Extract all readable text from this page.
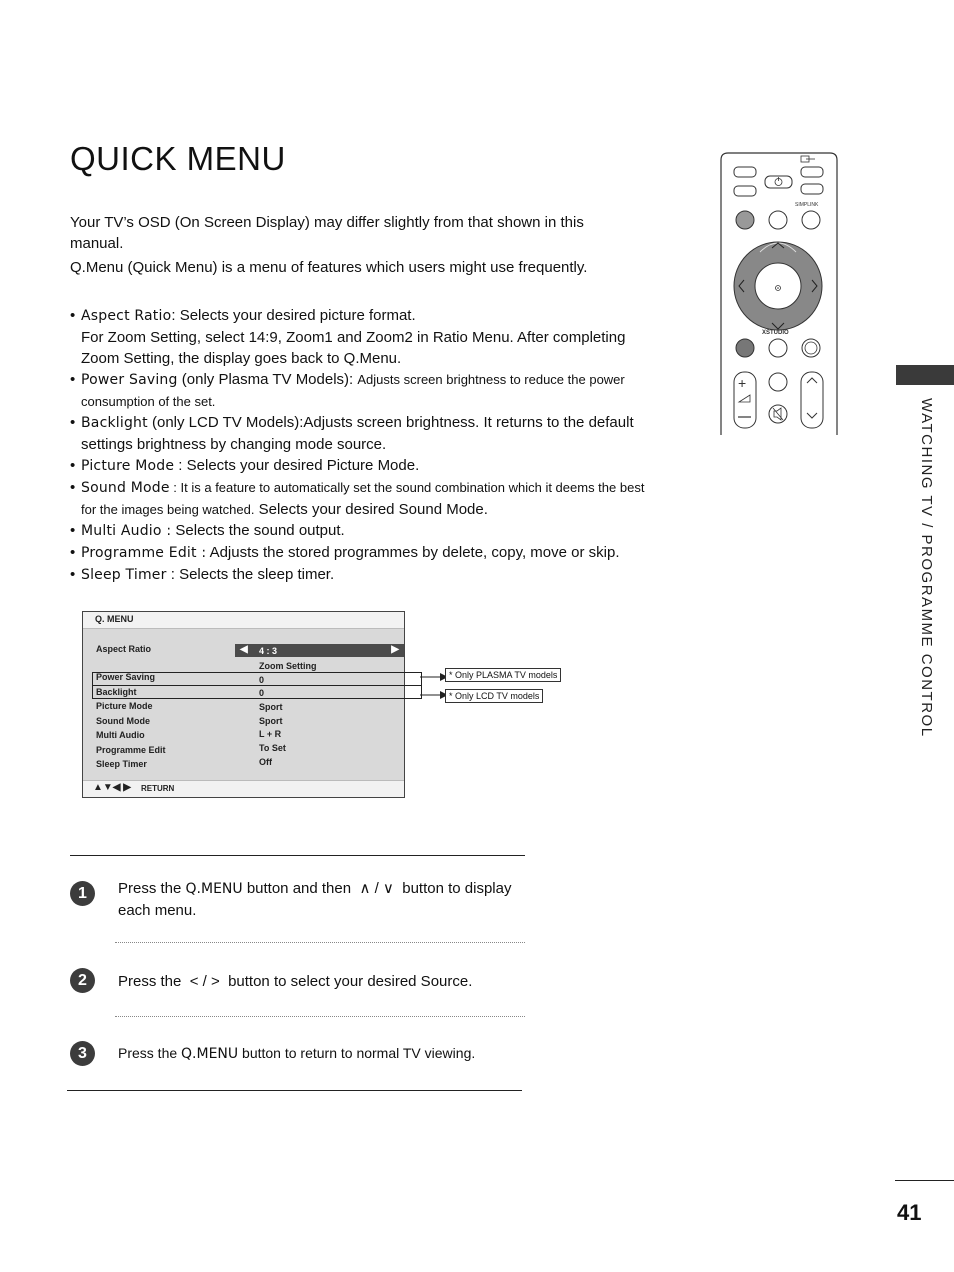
QUICK MENU

Your TV’s OSD (On Screen Display) may differ slightly from that shown in this manual.

Q.Menu (Quick Menu) is a menu of features which users might use frequently.

• Aspect Ratio: Selects your desired picture format.
For Zoom Setting, select 14:9, Zoom1 and Zoom2 in Ratio Menu. After completing Zoom Setting, the display goes back to Q.Menu.
• Power Saving (only Plasma TV Models): Adjusts screen brightness to reduce the power consumption of the set.
• Backlight (only LCD TV Models):Adjusts screen brightness. It returns to the default settings brightness by changing mode source.
• Picture Mode : Selects your desired Picture Mode.
• Sound Mode : It is a feature to automatically set the sound combination which it deems the best for the images being watched. Selects your desired Sound Mode.
• Multi Audio : Selects the sound output.
• Programme Edit : Adjusts the stored programmes by delete, copy, move or skip.
• Sleep Timer : Selects the sleep timer.
Q. MENU
Aspect Ratio	◀ 4 : 3	▶
Zoom Setting
Power Saving	0
Backlight	0
Picture Mode	Sport
Sound Mode	Sport
Multi Audio	L + R
Programme Edit	To Set
Sleep Timer	Off
▲▼◀ ▶ RETURN
* Only PLASMA TV models
* Only LCD TV models
1	Press the Q.MENU button and then  ∧ / ∨  button to display each menu.
2	Press the  < / >  button to select your desired Source.
3	Press the Q.MENU button to return to normal TV viewing.
SIMPLINK
XSTUDIO
+
WATCHING TV / PROGRAMME CONTROL
41
